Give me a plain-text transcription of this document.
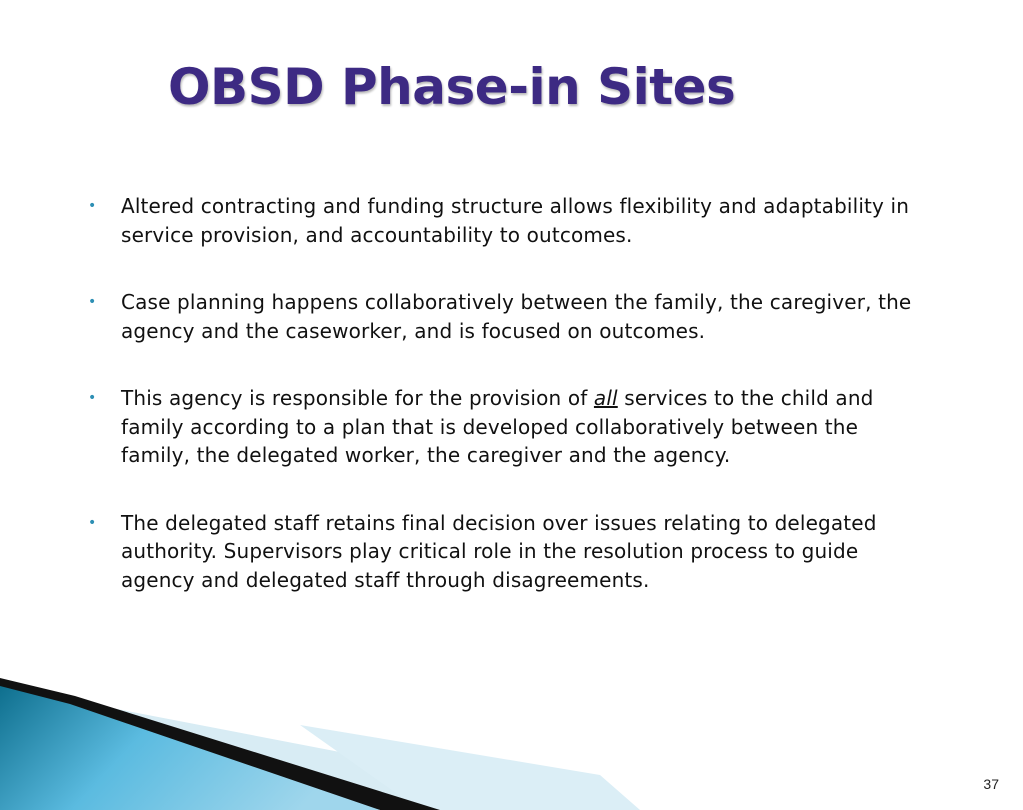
OBSD Phase-in Sites
• Altered contracting and funding structure allows flexibility and adaptability in service provision, and accountability to outcomes.
• Case planning happens collaboratively between the family, the caregiver, the agency and the caseworker, and is focused on outcomes.
• This agency is responsible for the provision of all services to the child and family according to a plan that is developed collaboratively between the family, the delegated worker, the caregiver and the agency.
• The delegated staff retains final decision over issues relating to delegated authority. Supervisors play critical role in the resolution process to guide agency and delegated staff through disagreements.
37
